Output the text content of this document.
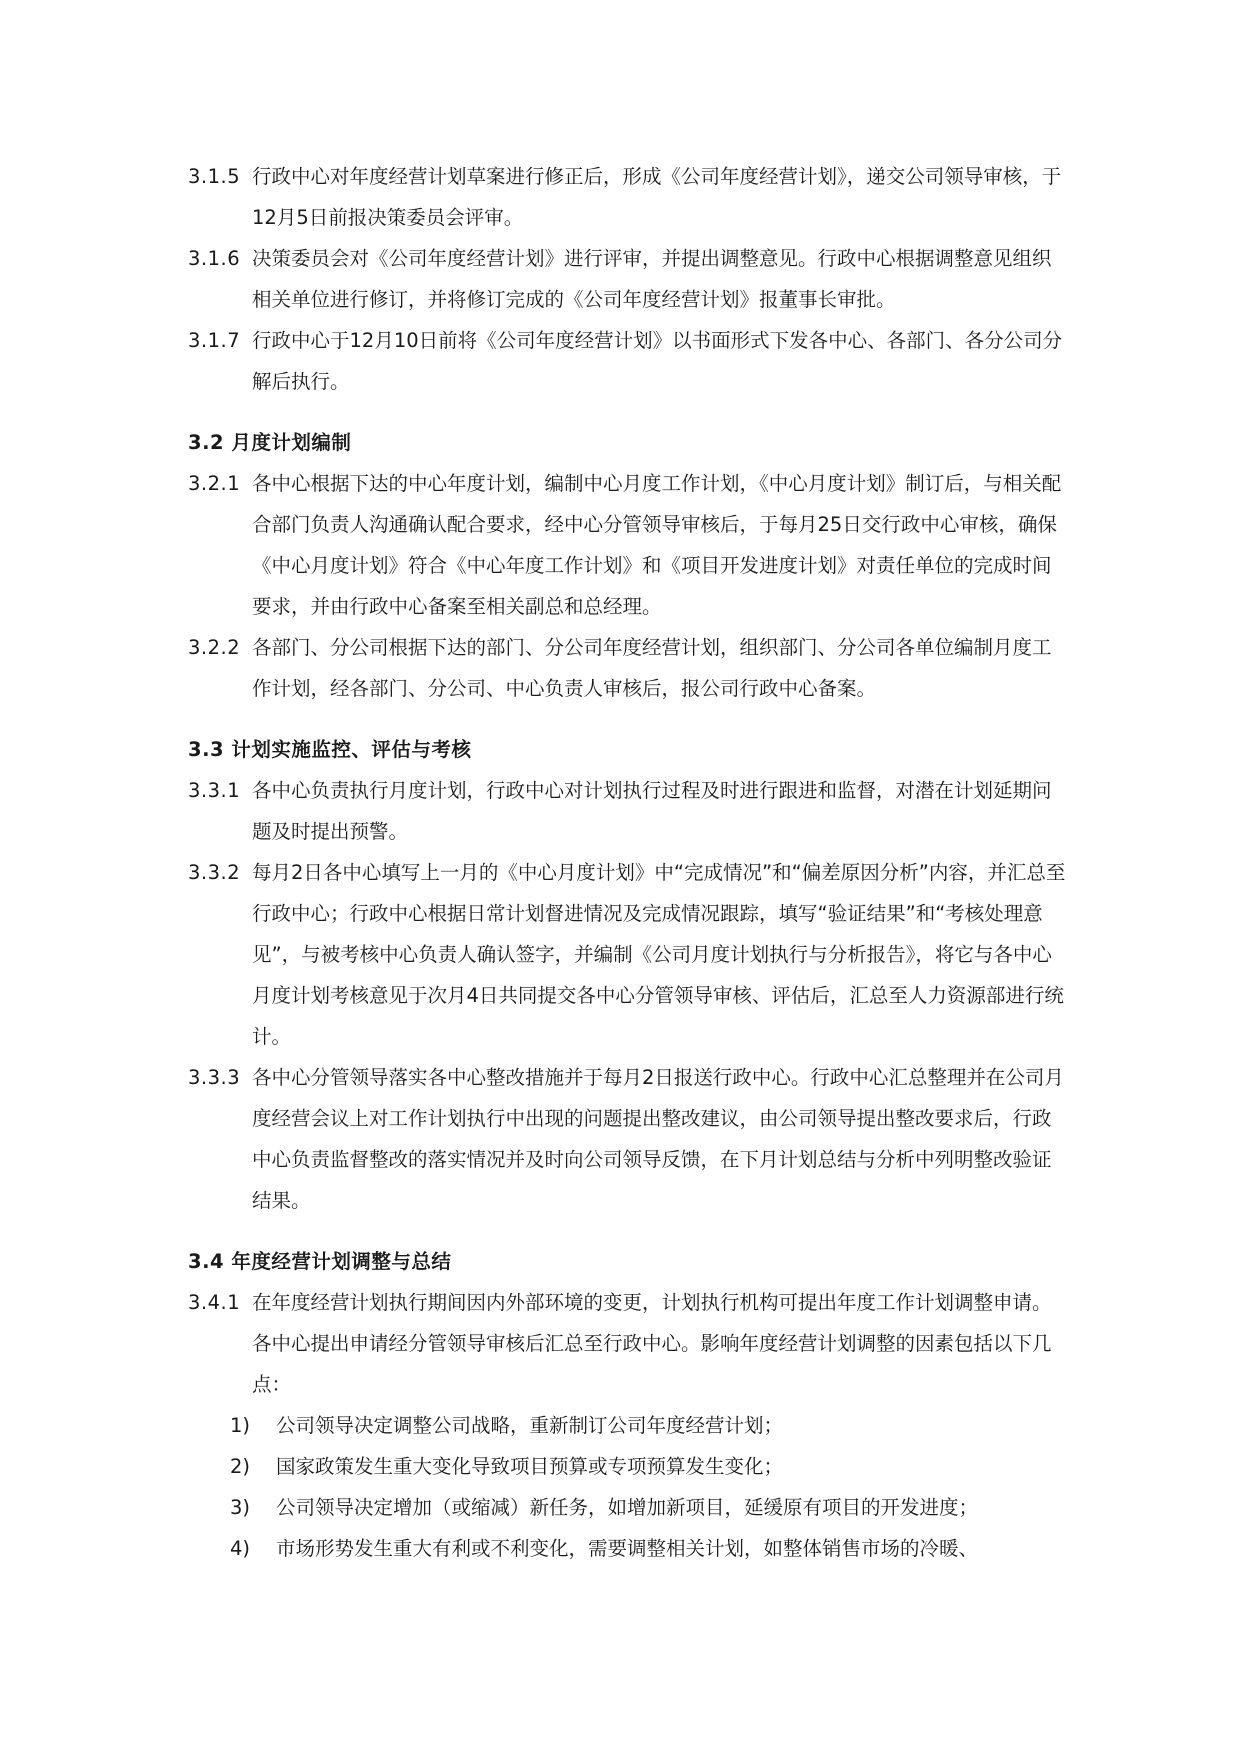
3.1.5 行政中心对年度经营计划草案进行修正后，形成《公司年度经营计划》，递交公司领导审核，于12月5日前报决策委员会评审。
3.1.6 决策委员会对《公司年度经营计划》进行评审，并提出调整意见。行政中心根据调整意见组织相关单位进行修订，并将修订完成的《公司年度经营计划》报董事长审批。
3.1.7 行政中心于12月10日前将《公司年度经营计划》以书面形式下发各中心、各部门、各分公司分解后执行。
3.2 月度计划编制
3.2.1 各中心根据下达的中心年度计划，编制中心月度工作计划，《中心月度计划》制订后，与相关配合部门负责人沟通确认配合要求，经中心分管领导审核后，于每月25日交行政中心审核，确保《中心月度计划》符合《中心年度工作计划》和《项目开发进度计划》对责任单位的完成时间要求，并由行政中心备案至相关副总和总经理。
3.2.2 各部门、分公司根据下达的部门、分公司年度经营计划，组织部门、分公司各单位编制月度工作计划，经各部门、分公司、中心负责人审核后，报公司行政中心备案。
3.3 计划实施监控、评估与考核
3.3.1 各中心负责执行月度计划，行政中心对计划执行过程及时进行跟进和监督，对潜在计划延期问题及时提出预警。
3.3.2 每月2日各中心填写上一月的《中心月度计划》中“完成情况”和“偏差原因分析”内容，并汇总至行政中心；行政中心根据日常计划督进情况及完成情况跟踪，填写“验证结果”和“考核处理意见”，与被考核中心负责人确认签字，并编制《公司月度计划执行与分析报告》，将它与各中心月度计划考核意见于次月4日共同提交各中心分管领导审核、评估后，汇总至人力资源部进行统计。
3.3.3 各中心分管领导落实各中心整改措施并于每月2日报送行政中心。行政中心汇总整理并在公司月度经营会议上对工作计划执行中出现的问题提出整改建议，由公司领导提出整改要求后，行政中心负责监督整改的落实情况并及时向公司领导反馈，在下月计划总结与分析中列明整改验证结果。
3.4 年度经营计划调整与总结
3.4.1 在年度经营计划执行期间因内外部环境的变更，计划执行机构可提出年度工作计划调整申请。各中心提出申请经分管领导审核后汇总至行政中心。影响年度经营计划调整的因素包括以下几点：
1)	公司领导决定调整公司战略，重新制订公司年度经营计划；
2)	国家政策发生重大变化导致项目预算或专项预算发生变化；
3)	公司领导决定增加（或缩减）新任务，如增加新项目，延缓原有项目的开发进度；
4)	市场形势发生重大有利或不利变化，需要调整相关计划，如整体销售市场的冷暖、
